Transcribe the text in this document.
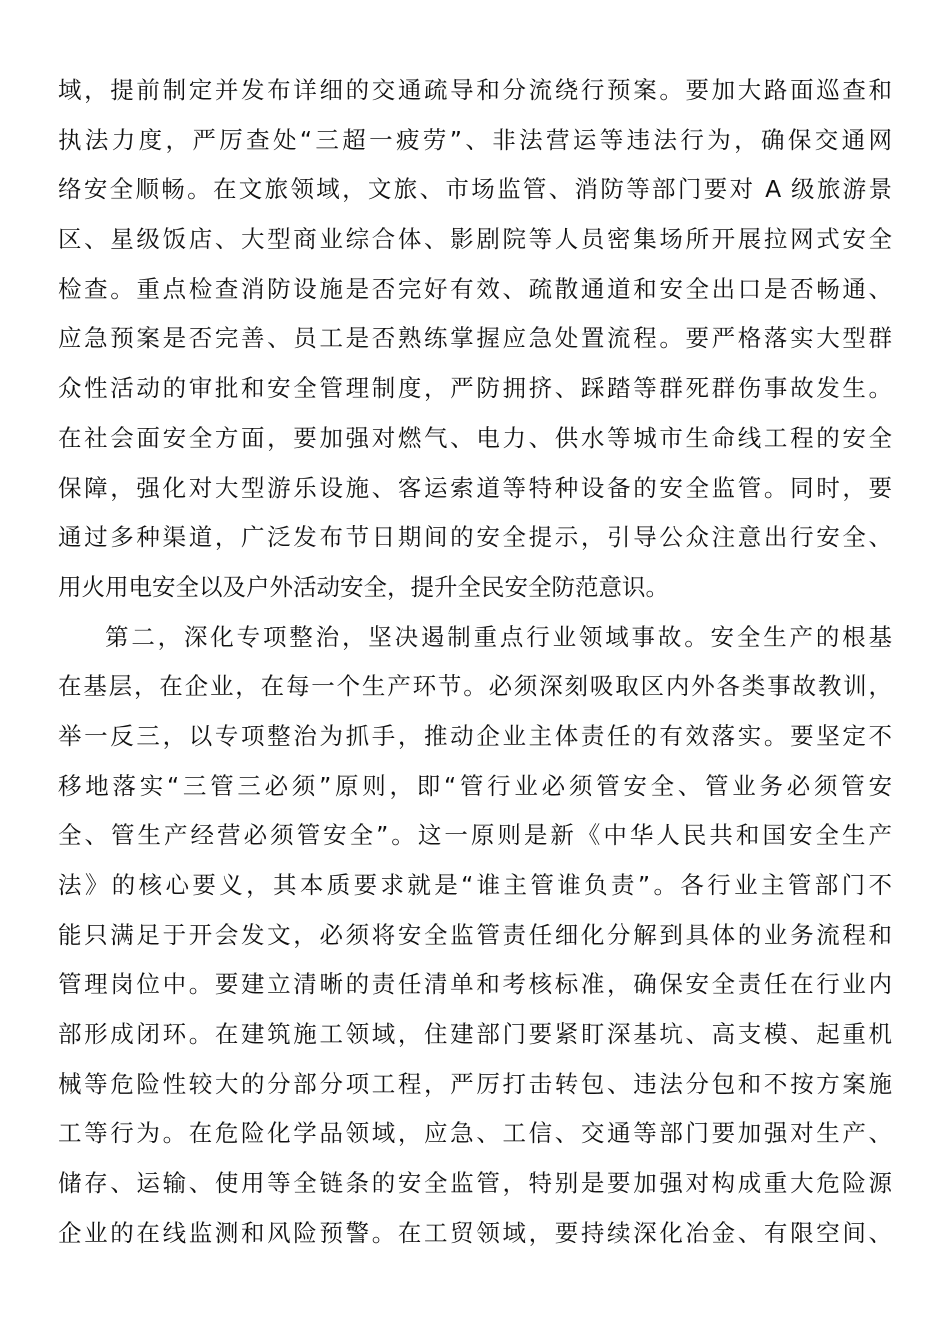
域，提前制定并发布详细的交通疏导和分流绕行预案。要加大路面巡查和
执法力度，严厉查处“三超一疲劳”、非法营运等违法行为，确保交通网
络安全顺畅。在文旅领域，文旅、市场监管、消防等部门要对 A 级旅游景
区、星级饭店、大型商业综合体、影剧院等人员密集场所开展拉网式安全
检查。重点检查消防设施是否完好有效、疏散通道和安全出口是否畅通、
应急预案是否完善、员工是否熟练掌握应急处置流程。要严格落实大型群
众性活动的审批和安全管理制度，严防拥挤、踩踏等群死群伤事故发生。
在社会面安全方面，要加强对燃气、电力、供水等城市生命线工程的安全
保障，强化对大型游乐设施、客运索道等特种设备的安全监管。同时，要
通过多种渠道，广泛发布节日期间的安全提示，引导公众注意出行安全、
用火用电安全以及户外活动安全，提升全民安全防范意识。
第二，深化专项整治，坚决遏制重点行业领域事故。安全生产的根基
在基层，在企业，在每一个生产环节。必须深刻吸取区内外各类事故教训，
举一反三，以专项整治为抓手，推动企业主体责任的有效落实。要坚定不
移地落实“三管三必须”原则，即“管行业必须管安全、管业务必须管安
全、管生产经营必须管安全”。这一原则是新《中华人民共和国安全生产
法》的核心要义，其本质要求就是“谁主管谁负责”。各行业主管部门不
能只满足于开会发文，必须将安全监管责任细化分解到具体的业务流程和
管理岗位中。要建立清晰的责任清单和考核标准，确保安全责任在行业内
部形成闭环。在建筑施工领域，住建部门要紧盯深基坑、高支模、起重机
械等危险性较大的分部分项工程，严厉打击转包、违法分包和不按方案施
工等行为。在危险化学品领域，应急、工信、交通等部门要加强对生产、
储存、运输、使用等全链条的安全监管，特别是要加强对构成重大危险源
企业的在线监测和风险预警。在工贸领域，要持续深化冶金、有限空间、
